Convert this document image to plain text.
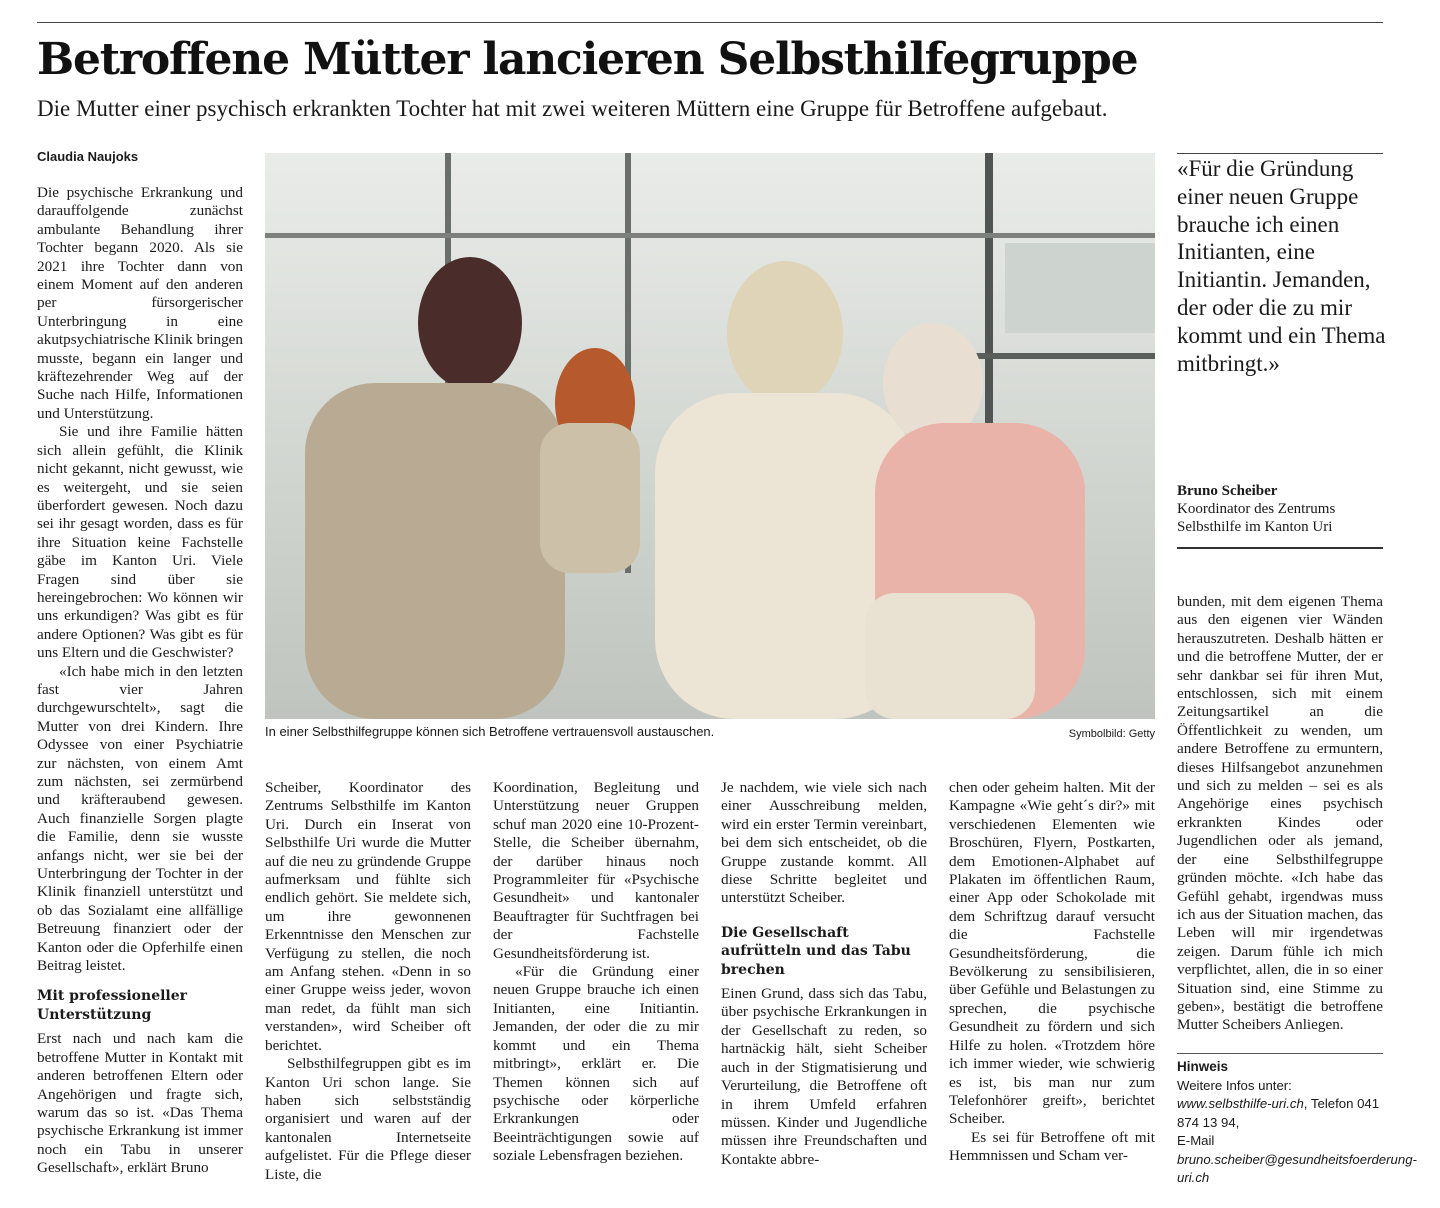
Betroffene Mütter lancieren Selbsthilfegruppe

Die Mutter einer psychisch erkrankten Tochter hat mit zwei weiteren Müttern eine Gruppe für Betroffene aufgebaut.

Claudia Naujoks

Die psychische Erkrankung und darauffolgende zunächst ambulante Behandlung ihrer Tochter begann 2020. Als sie 2021 ihre Tochter dann von einem Moment auf den anderen per fürsorgerischer Unterbringung in eine akutpsychiatrische Klinik bringen musste, begann ein langer und kräftezehrender Weg auf der Suche nach Hilfe, Informationen und Unterstützung.

Sie und ihre Familie hätten sich allein gefühlt, die Klinik nicht gekannt, nicht gewusst, wie es weitergeht, und sie seien überfordert gewesen. Noch dazu sei ihr gesagt worden, dass es für ihre Situation keine Fachstelle gäbe im Kanton Uri. Viele Fragen sind über sie hereingebrochen: Wo können wir uns erkundigen? Was gibt es für andere Optionen? Was gibt es für uns Eltern und die Geschwister?

«Ich habe mich in den letzten fast vier Jahren durchgewurschtelt», sagt die Mutter von drei Kindern. Ihre Odyssee von einer Psychiatrie zur nächsten, von einem Amt zum nächsten, sei zermürbend und kräfteraubend gewesen. Auch finanzielle Sorgen plagte die Familie, denn sie wusste anfangs nicht, wer sie bei der Unterbringung der Tochter in der Klinik finanziell unterstützt und ob das Sozialamt eine allfällige Betreuung finanziert oder der Kanton oder die Opferhilfe einen Beitrag leistet.

Mit professioneller Unterstützung

Erst nach und nach kam die betroffene Mutter in Kontakt mit anderen betroffenen Eltern oder Angehörigen und fragte sich, warum das so ist. «Das Thema psychische Erkrankung ist immer noch ein Tabu in unserer Gesellschaft», erklärt Bruno

In einer Selbsthilfegruppe können sich Betroffene vertrauensvoll austauschen.	Symbolbild: Getty

«Für die Gründung einer neuen Gruppe brauche ich einen Initianten, eine Initiantin. Jemanden, der oder die zu mir kommt und ein Thema mitbringt.»

Bruno Scheiber

Koordinator des Zentrums Selbsthilfe im Kanton Uri

Scheiber, Koordinator des Zentrums Selbsthilfe im Kanton Uri. Durch ein Inserat von Selbsthilfe Uri wurde die Mutter auf die neu zu gründende Gruppe aufmerksam und fühlte sich endlich gehört. Sie meldete sich, um ihre gewonnenen Erkenntnisse den Menschen zur Verfügung zu stellen, die noch am Anfang stehen. «Denn in so einer Gruppe weiss jeder, wovon man redet, da fühlt man sich verstanden», wird Scheiber oft berichtet.

Selbsthilfegruppen gibt es im Kanton Uri schon lange. Sie haben sich selbstständig organisiert und waren auf der kantonalen Internetseite aufgelistet. Für die Pflege dieser Liste, die

Koordination, Begleitung und Unterstützung neuer Gruppen schuf man 2020 eine 10-Prozent-Stelle, die Scheiber übernahm, der darüber hinaus noch Programmleiter für «Psychische Gesundheit» und kantonaler Beauftragter für Suchtfragen bei der Fachstelle Gesundheitsförderung ist.

«Für die Gründung einer neuen Gruppe brauche ich einen Initianten, eine Initiantin. Jemanden, der oder die zu mir kommt und ein Thema mitbringt», erklärt er. Die Themen können sich auf psychische oder körperliche Erkrankungen oder Beeinträchtigungen sowie auf soziale Lebensfragen beziehen.

Je nachdem, wie viele sich nach einer Ausschreibung melden, wird ein erster Termin vereinbart, bei dem sich entscheidet, ob die Gruppe zustande kommt. All diese Schritte begleitet und unterstützt Scheiber.

Die Gesellschaft aufrütteln und das Tabu brechen

Einen Grund, dass sich das Tabu, über psychische Erkrankungen in der Gesellschaft zu reden, so hartnäckig hält, sieht Scheiber auch in der Stigmatisierung und Verurteilung, die Betroffene oft in ihrem Umfeld erfahren müssen. Kinder und Jugendliche müssen ihre Freundschaften und Kontakte abbre-

chen oder geheim halten. Mit der Kampagne «Wie geht´s dir?» mit verschiedenen Elementen wie Broschüren, Flyern, Postkarten, dem Emotionen-Alphabet auf Plakaten im öffentlichen Raum, einer App oder Schokolade mit dem Schriftzug darauf versucht die Fachstelle Gesundheitsförderung, die Bevölkerung zu sensibilisieren, über Gefühle und Belastungen zu sprechen, die psychische Gesundheit zu fördern und sich Hilfe zu holen. «Trotzdem höre ich immer wieder, wie schwierig es ist, bis man nur zum Telefonhörer greift», berichtet Scheiber.

Es sei für Betroffene oft mit Hemmnissen und Scham ver-

bunden, mit dem eigenen Thema aus den eigenen vier Wänden herauszutreten. Deshalb hätten er und die betroffene Mutter, der er sehr dankbar sei für ihren Mut, entschlossen, sich mit einem Zeitungsartikel an die Öffentlichkeit zu wenden, um andere Betroffene zu ermuntern, dieses Hilfsangebot anzunehmen und sich zu melden – sei es als Angehörige eines psychisch erkrankten Kindes oder Jugendlichen oder als jemand, der eine Selbsthilfegruppe gründen möchte. «Ich habe das Gefühl gehabt, irgendwas muss ich aus der Situation machen, das Leben will mir irgendetwas zeigen. Darum fühle ich mich verpflichtet, allen, die in so einer Situation sind, eine Stimme zu geben», bestätigt die betroffene Mutter Scheibers Anliegen.

Hinweis

Weitere Infos unter: www.selbsthilfe-uri.ch, Telefon 041 874 13 94,
E-Mail bruno.scheiber@gesundheitsfoerderung-uri.ch
